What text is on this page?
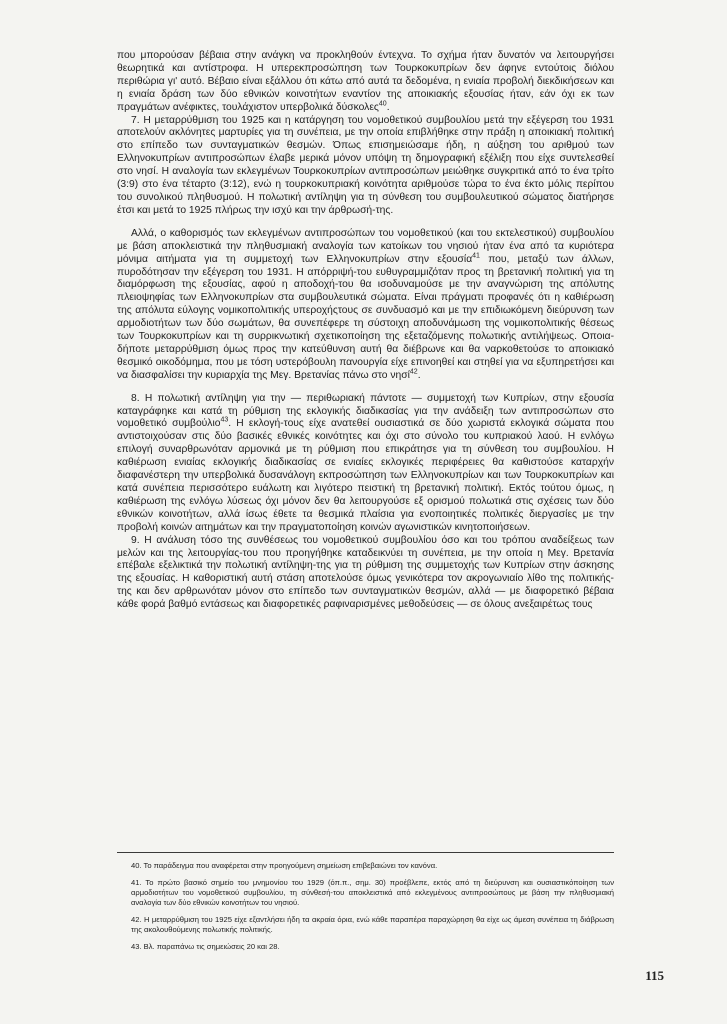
που μπορούσαν βέβαια στην ανάγκη να προκληθούν έντεχνα. Το σχήμα ήταν δυνατόν να λειτουργήσει θεωρητικά και αντίστροφα. Η υπερεκπροσώπηση των Τουρκοκυπρίων δεν άφηνε εντούτοις διόλου περιθώρια γι' αυτό. Βέβαιο είναι εξάλλου ότι κάτω από αυτά τα δεδομένα, η ενιαία προβολή διεκδικήσεων και η ενιαία δράση των δύο εθνικών κοινοτήτων εναντίον της αποικιακής εξουσίας ήταν, εάν όχι εκ των πραγμάτων ανέφικτες, τουλάχιστον υπερβολικά δύσκολες$^{40}$.

7. Η μεταρρύθμιση του 1925 και η κατάργηση του νομοθετικού συμβουλίου μετά την εξέγερση του 1931 αποτελούν ακλόνητες μαρτυρίες για τη συνέπεια, με την οποία επιβλήθηκε στην πράξη η αποικιακή πολιτική στο επίπεδο των συνταγματικών θεσμών. Όπως επισημειώσαμε ήδη, η αύξηση του αριθμού των Ελληνοκυπρίων αντιπροσώπων έλαβε μερικά μόνον υπόψη τη δημογραφική εξέλιξη που είχε συντελεσθεί στο νησί. Η αναλογία των εκλεγμένων Τουρκοκυπρίων αντιπροσώπων μειώθηκε συγκριτικά από το ένα τρίτο (3:9) στο ένα τέταρτο (3:12), ενώ η τουρκοκυπριακή κοινότητα αριθμούσε τώρα το ένα έκτο μόλις περίπου του συνολικού πληθυσμού. Η πολωτική αντίληψη για τη σύνθεση του συμβουλευτικού σώματος διατήρησε έτσι και μετά το 1925 πλήρως την ισχύ και την άρθρωσή-της.

Αλλά, ο καθορισμός των εκλεγμένων αντιπροσώπων του νομοθετικού (και του εκτελεστικού) συμβουλίου με βάση αποκλειστικά την πληθυσμιακή αναλογία των κατοίκων του νησιού ήταν ένα από τα κυριότερα μόνιμα αιτήματα για τη συμμετοχή των Ελληνοκυπρίων στην εξουσία$^{41}$ που, μεταξύ των άλλων, πυροδότησαν την εξέγερση του 1931. Η απόρριψή-του ευθυγραμμιζόταν προς τη βρετανική πολιτική για τη διαμόρφωση της εξουσίας, αφού η αποδοχή-του θα ισοδυναμούσε με την αναγνώριση της απόλυτης πλειοψηφίας των Ελληνοκυπρίων στα συμβουλευτικά σώματα. Είναι πράγματι προφανές ότι η καθιέρωση της απόλυτα εύλογης νομικοπολιτικής υπεροχήςτους σε συνδυασμό και με την επιδιωκόμενη διεύρυνση των αρμοδιοτήτων των δύο σωμάτων, θα συνεπέφερε τη σύστοιχη αποδυνάμωση της νομικοπολιτικής θέσεως των Τουρκοκυπρίων και τη συρρικνωτική σχετικοποίηση της εξεταζόμενης πολωτικής αντιλήψεως. Οποιαδήποτε μεταρρύθμιση όμως προς την κατεύθυνση αυτή θα διέβρωνε και θα ναρκοθετούσε το αποικιακό θεσμικό οικοδόμημα, που με τόση υστερόβουλη πανουργία είχε επινοηθεί και στηθεί για να εξυπηρετήσει και να διασφαλίσει την κυριαρχία της Μεγ. Βρετανίας πάνω στο νησί$^{42}$.

8. Η πολωτική αντίληψη για την — περιθωριακή πάντοτε — συμμετοχή των Κυπρίων, στην εξουσία καταγράφηκε και κατά τη ρύθμιση της εκλογικής διαδικασίας για την ανάδειξη των αντιπροσώπων στο νομοθετικό συμβούλιο$^{43}$. Η εκλογή-τους είχε ανατεθεί ουσιαστικά σε δύο χωριστά εκλογικά σώματα που αντιστοιχούσαν στις δύο βασικές εθνικές κοινότητες και όχι στο σύνολο του κυπριακού λαού. Η ενλόγω επιλογή συναρθρωνόταν αρμονικά με τη ρύθμιση που επικράτησε για τη σύνθεση του συμβουλίου. Η καθιέρωση ενιαίας εκλογικής διαδικασίας σε ενιαίες εκλογικές περιφέρειες θα καθιστούσε καταρχήν διαφανέστερη την υπερβολικά δυσανάλογη εκπροσώπηση των Ελληνοκυπρίων και των Τουρκοκυπρίων και κατά συνέπεια περισσότερο ευάλωτη και λιγότερο πειστική τη βρετανική πολιτική. Εκτός τούτου όμως, η καθιέρωση της ενλόγω λύσεως όχι μόνον δεν θα λειτουργούσε εξ ορισμού πολωτικά στις σχέσεις των δύο εθνικών κοινοτήτων, αλλά ίσως έθετε τα θεσμικά πλαίσια για ενοποιητικές πολιτικές διεργασίες με την προβολή κοινών αιτημάτων και την πραγματοποίηση κοινών αγωνιστικών κινητοποιήσεων.

9. Η ανάλυση τόσο της συνθέσεως του νομοθετικού συμβουλίου όσο και του τρόπου αναδείξεως των μελών και της λειτουργίας-του που προηγήθηκε καταδεικνύει τη συνέπεια, με την οποία η Μεγ. Βρετανία επέβαλε εξελικτικά την πολωτική αντίληψη-της για τη ρύθμιση της συμμετοχής των Κυπρίων στην άσκησης της εξουσίας. Η καθοριστική αυτή στάση αποτελούσε όμως γενικότερα τον ακρογωνιαίο λίθο της πολιτικής-της και δεν αρθρωνόταν μόνον στο επίπεδο των συνταγματικών θεσμών, αλλά — με διαφορετικό βέβαια κάθε φορά βαθμό εντάσεως και διαφορετικές ραφιναρισμένες μεθοδεύσεις — σε όλους ανεξαιρέτως τους

40. Το παράδειγμα που αναφέρεται στην προηγούμενη σημείωση επιβεβαιώνει τον κανόνα.

41. Το πρώτο βασικό σημείο του μνημονίου του 1929 (όπ.π., σημ. 30) προέβλεπε, εκτός από τη διεύρυνση και ουσιαστικόποίηση των αρμοδιοτήτων του νομοθετικού συμβουλίου, τη σύνθεσή-του αποκλειστικά από εκλεγμένους αντιπροσώπους με βάση την πληθυσμιακή αναλογία των δύο εθνικών κοινοτήτων του νησιού.

42. Η μεταρρύθμιση του 1925 είχε εξαντλήσει ήδη τα ακραία όρια, ενώ κάθε παραπέρα παραχώρηση θα είχε ως άμεση συνέπεια τη διάβρωση της ακολουθούμενης πολωτικής πολιτικής.

43. Βλ. παραπάνω τις σημειώσεις 20 και 28.

115
